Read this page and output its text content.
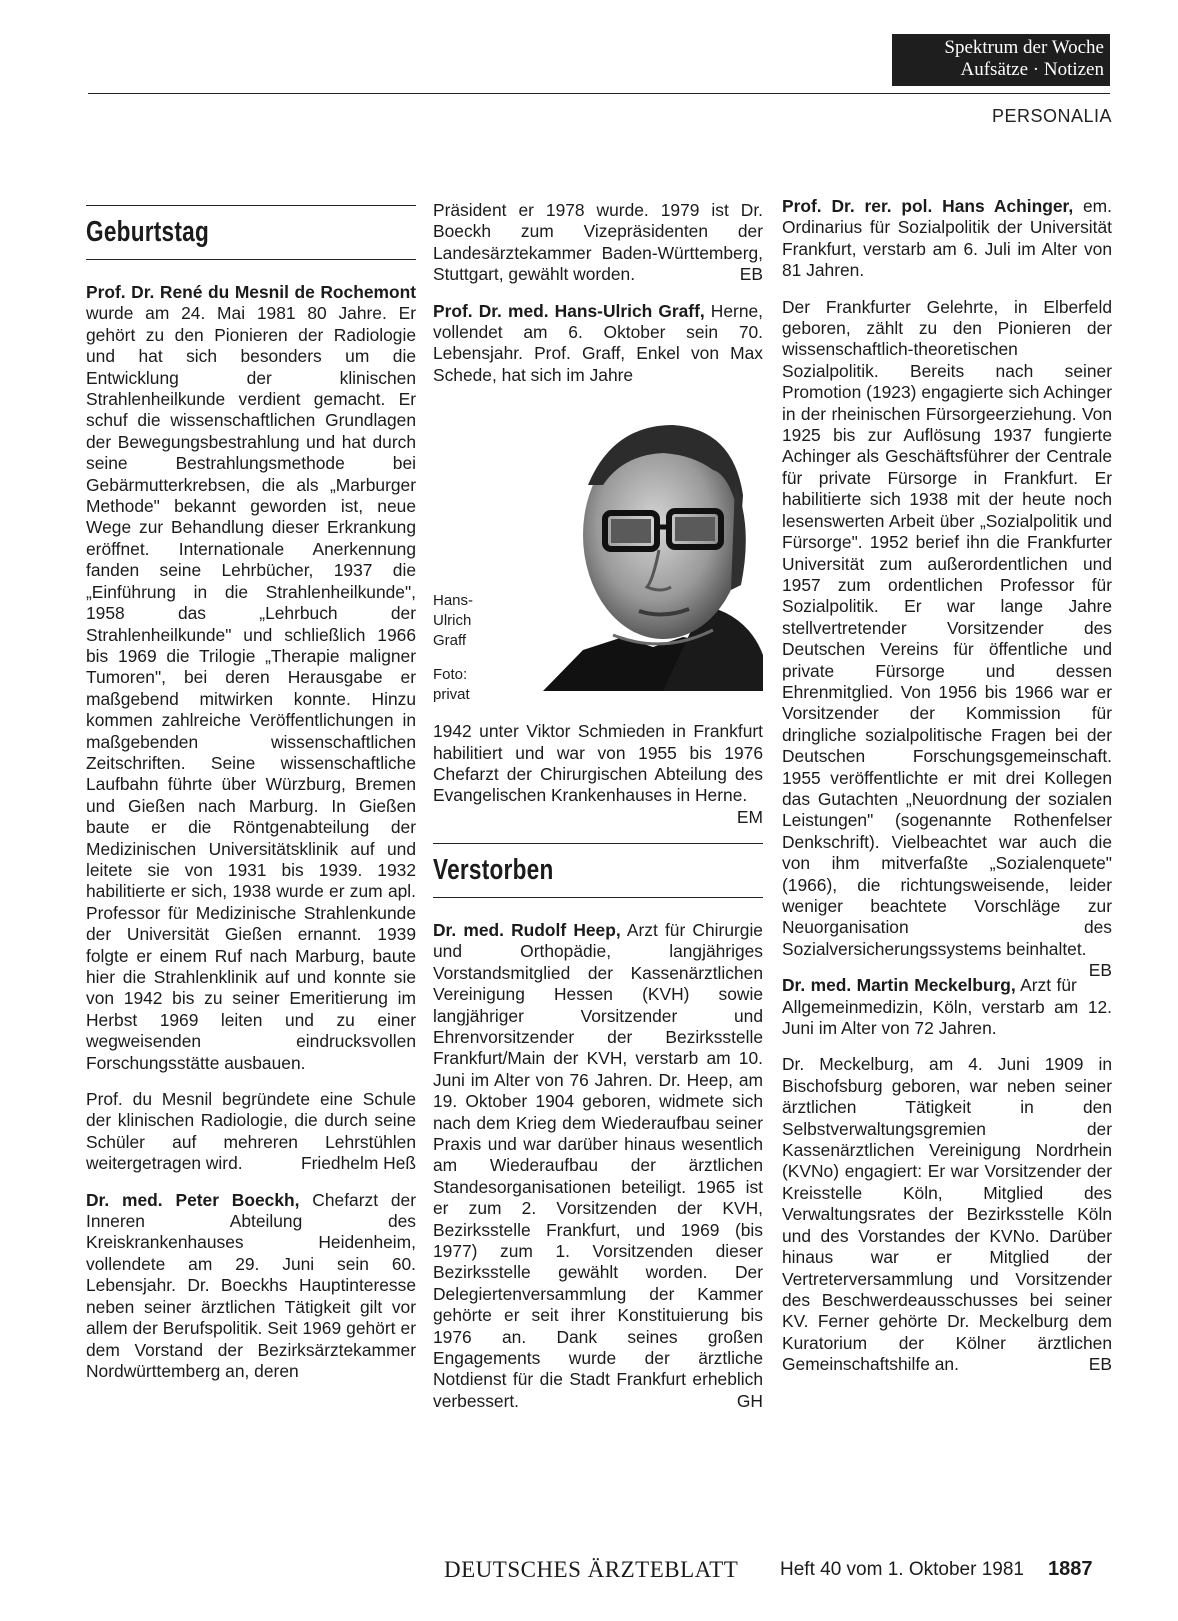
Spektrum der Woche
Aufsätze · Notizen
PERSONALIA
Geburtstag

Prof. Dr. René du Mesnil de Rochemont wurde am 24. Mai 1981 80 Jahre. Er gehört zu den Pionieren der Radiologie und hat sich besonders um die Entwicklung der klinischen Strahlenheilkunde verdient gemacht. Er schuf die wissenschaftlichen Grundlagen der Bewegungsbestrahlung und hat durch seine Bestrahlungsmethode bei Gebärmutterkrebsen, die als „Marburger Methode" bekannt geworden ist, neue Wege zur Behandlung dieser Erkrankung eröffnet. Internationale Anerkennung fanden seine Lehrbücher, 1937 die „Einführung in die Strahlenheilkunde", 1958 das „Lehrbuch der Strahlenheilkunde" und schließlich 1966 bis 1969 die Trilogie „Therapie maligner Tumoren", bei deren Herausgabe er maßgebend mitwirken konnte. Hinzu kommen zahlreiche Veröffentlichungen in maßgebenden wissenschaftlichen Zeitschriften. Seine wissenschaftliche Laufbahn führte über Würzburg, Bremen und Gießen nach Marburg. In Gießen baute er die Röntgenabteilung der Medizinischen Universitätsklinik auf und leitete sie von 1931 bis 1939. 1932 habilitierte er sich, 1938 wurde er zum apl. Professor für Medizinische Strahlenkunde der Universität Gießen ernannt. 1939 folgte er einem Ruf nach Marburg, baute hier die Strahlenklinik auf und konnte sie von 1942 bis zu seiner Emeritierung im Herbst 1969 leiten und zu einer wegweisenden eindrucksvollen Forschungsstätte ausbauen.

Prof. du Mesnil begründete eine Schule der klinischen Radiologie, die durch seine Schüler auf mehreren Lehrstühlen weitergetragen wird.	Friedhelm Heß

Dr. med. Peter Boeckh, Chefarzt der Inneren Abteilung des Kreiskrankenhauses Heidenheim, vollendete am 29. Juni sein 60. Lebensjahr. Dr. Boeckhs Hauptinteresse neben seiner ärztlichen Tätigkeit gilt vor allem der Berufspolitik. Seit 1969 gehört er dem Vorstand der Bezirksärztekammer Nordwürttemberg an, deren

Präsident er 1978 wurde. 1979 ist Dr. Boeckh zum Vizepräsidenten der Landesärztekammer Baden-Württemberg, Stuttgart, gewählt worden.	EB

Prof. Dr. med. Hans-Ulrich Graff, Herne, vollendet am 6. Oktober sein 70. Lebensjahr. Prof. Graff, Enkel von Max Schede, hat sich im Jahre

Hans-
Ulrich
Graff
Foto:
privat

1942 unter Viktor Schmieden in Frankfurt habilitiert und war von 1955 bis 1976 Chefarzt der Chirurgischen Abteilung des Evangelischen Krankenhauses in Herne.
EM

Verstorben

Dr. med. Rudolf Heep, Arzt für Chirurgie und Orthopädie, langjähriges Vorstandsmitglied der Kassenärztlichen Vereinigung Hessen (KVH) sowie langjähriger Vorsitzender und Ehrenvorsitzender der Bezirksstelle Frankfurt/Main der KVH, verstarb am 10. Juni im Alter von 76 Jahren. Dr. Heep, am 19. Oktober 1904 geboren, widmete sich nach dem Krieg dem Wiederaufbau seiner Praxis und war darüber hinaus wesentlich am Wiederaufbau der ärztlichen Standesorganisationen beteiligt. 1965 ist er zum 2. Vorsitzenden der KVH, Bezirksstelle Frankfurt, und 1969 (bis 1977) zum 1. Vorsitzenden dieser Bezirksstelle gewählt worden. Der Delegiertenversammlung der Kammer gehörte er seit ihrer Konstituierung bis 1976 an. Dank seines großen Engagements wurde der ärztliche Notdienst für die Stadt Frankfurt erheblich verbessert.	GH

Prof. Dr. rer. pol. Hans Achinger, em. Ordinarius für Sozialpolitik der Universität Frankfurt, verstarb am 6. Juli im Alter von 81 Jahren.

Der Frankfurter Gelehrte, in Elberfeld geboren, zählt zu den Pionieren der wissenschaftlich-theoretischen Sozialpolitik. Bereits nach seiner Promotion (1923) engagierte sich Achinger in der rheinischen Fürsorgeerziehung. Von 1925 bis zur Auflösung 1937 fungierte Achinger als Geschäftsführer der Centrale für private Fürsorge in Frankfurt. Er habilitierte sich 1938 mit der heute noch lesenswerten Arbeit über „Sozialpolitik und Fürsorge". 1952 berief ihn die Frankfurter Universität zum außerordentlichen und 1957 zum ordentlichen Professor für Sozialpolitik. Er war lange Jahre stellvertretender Vorsitzender des Deutschen Vereins für öffentliche und private Fürsorge und dessen Ehrenmitglied. Von 1956 bis 1966 war er Vorsitzender der Kommission für dringliche sozialpolitische Fragen bei der Deutschen Forschungsgemeinschaft. 1955 veröffentlichte er mit drei Kollegen das Gutachten „Neuordnung der sozialen Leistungen" (sogenannte Rothenfelser Denkschrift). Vielbeachtet war auch die von ihm mitverfaßte „Sozialenquete" (1966), die richtungsweisende, leider weniger beachtete Vorschläge zur Neuorganisation des Sozialversicherungssystems beinhaltet.
EB

Dr. med. Martin Meckelburg, Arzt für Allgemeinmedizin, Köln, verstarb am 12. Juni im Alter von 72 Jahren.

Dr. Meckelburg, am 4. Juni 1909 in Bischofsburg geboren, war neben seiner ärztlichen Tätigkeit in den Selbstverwaltungsgremien der Kassenärztlichen Vereinigung Nordrhein (KVNo) engagiert: Er war Vorsitzender der Kreisstelle Köln, Mitglied des Verwaltungsrates der Bezirksstelle Köln und des Vorstandes der KVNo. Darüber hinaus war er Mitglied der Vertreterversammlung und Vorsitzender des Beschwerdeausschusses bei seiner KV. Ferner gehörte Dr. Meckelburg dem Kuratorium der Kölner ärztlichen Gemeinschaftshilfe an.	EB

DEUTSCHES ÄRZTEBLATT Heft 40 vom 1. Oktober 1981 1887
